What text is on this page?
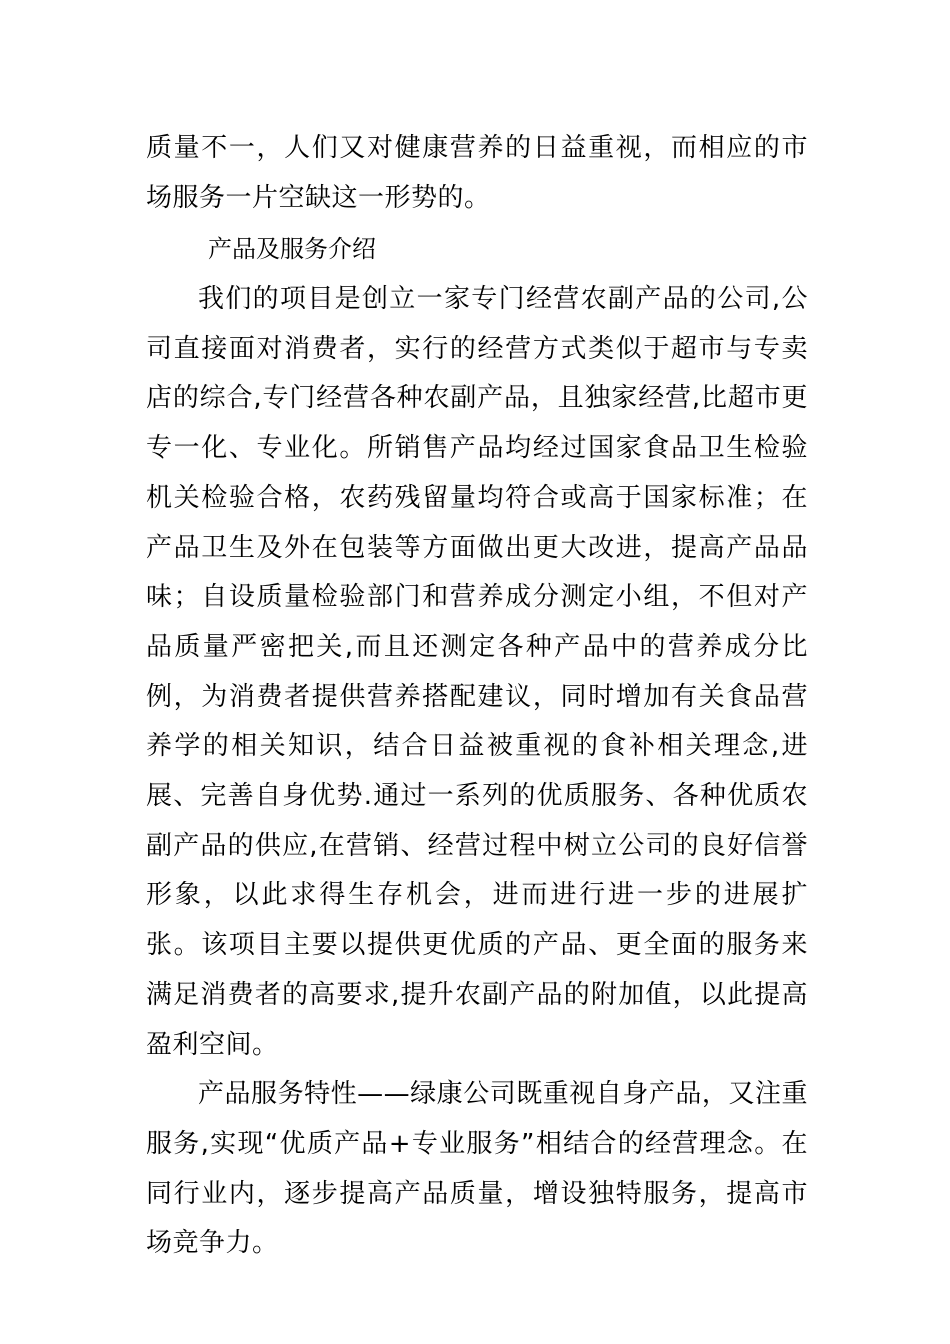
质量不一，人们又对健康营养的日益重视，而相应的市场服务一片空缺这一形势的。

产品及服务介绍

我们的项目是创立一家专门经营农副产品的公司,公司直接面对消费者，实行的经营方式类似于超市与专卖店的综合,专门经营各种农副产品，且独家经营,比超市更专一化、专业化。所销售产品均经过国家食品卫生检验机关检验合格，农药残留量均符合或高于国家标准；在产品卫生及外在包装等方面做出更大改进，提高产品品味；自设质量检验部门和营养成分测定小组，不但对产品质量严密把关,而且还测定各种产品中的营养成分比例，为消费者提供营养搭配建议，同时增加有关食品营养学的相关知识，结合日益被重视的食补相关理念,进展、完善自身优势.通过一系列的优质服务、各种优质农副产品的供应,在营销、经营过程中树立公司的良好信誉形象，以此求得生存机会，进而进行进一步的进展扩张。该项目主要以提供更优质的产品、更全面的服务来满足消费者的高要求,提升农副产品的附加值，以此提高盈利空间。

产品服务特性——绿康公司既重视自身产品，又注重服务,实现“优质产品+专业服务”相结合的经营理念。在同行业内，逐步提高产品质量，增设独特服务，提高市场竞争力。
